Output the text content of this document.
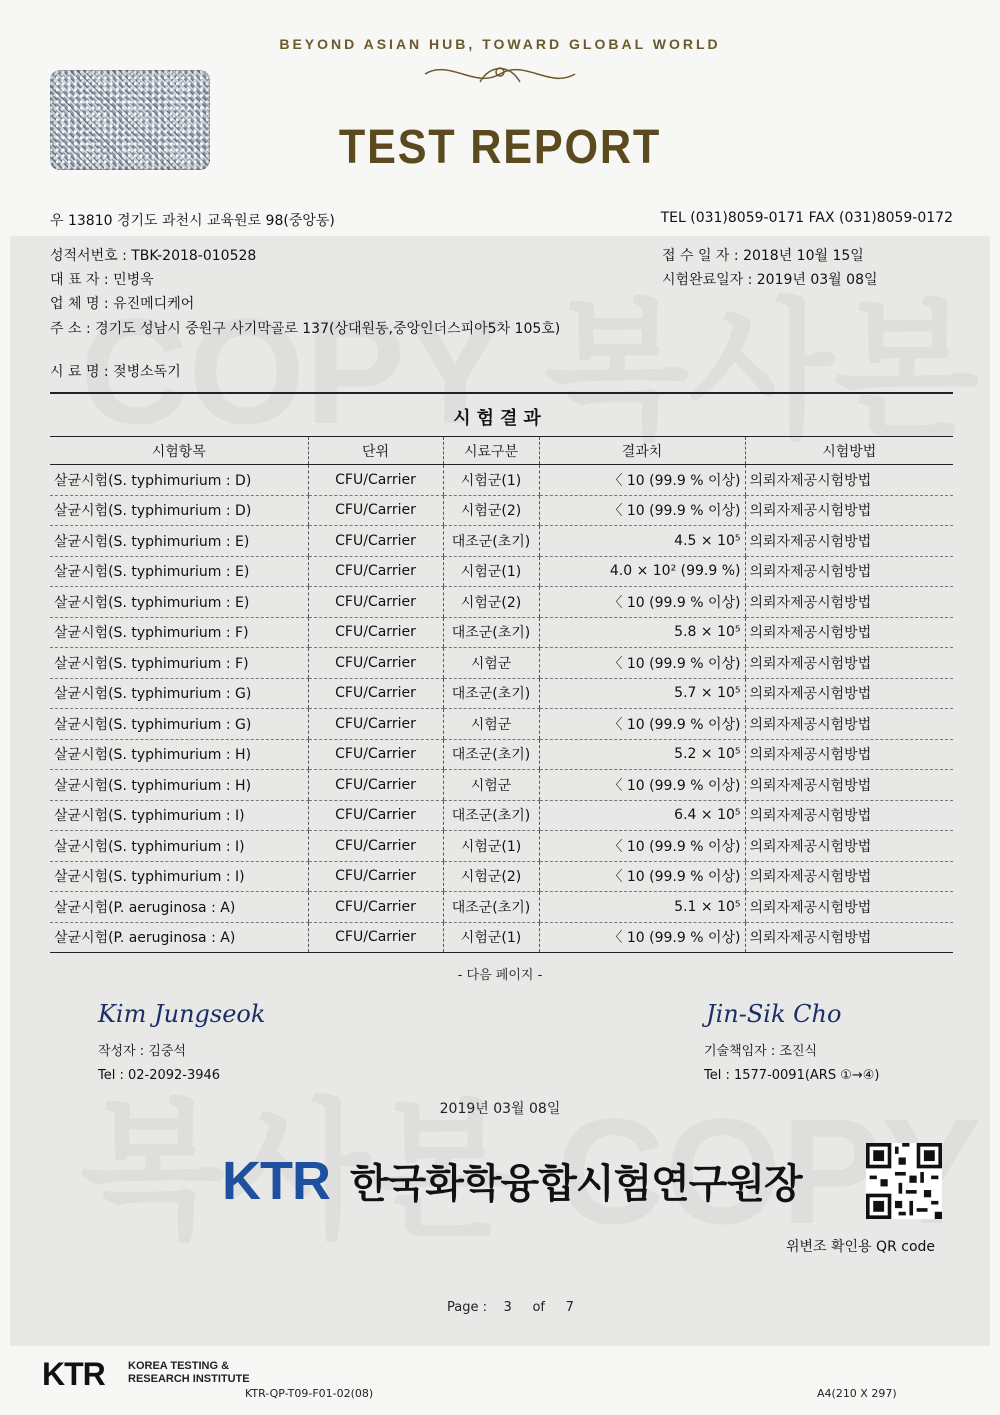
BEYOND ASIAN HUB, TOWARD GLOBAL WORLD
TEST REPORT
우 13810 경기도 과천시 교육원로 98(중앙동)	TEL (031)8059-0171 FAX (031)8059-0172
성적서번호 : TBK-2018-010528
대 표 자 : 민병욱
업 체 명 : 유진메디케어
주 소 : 경기도 성남시 중원구 사기막골로 137(상대원동,중앙인더스피아5차 105호)
시 료 명 : 젖병소독기
접 수 일 자 : 2018년 10월 15일
시험완료일자 : 2019년 03월 08일
시험결과
시험항목	단위	시료구분	결과치	시험방법
살균시험(S. typhimurium : D)	CFU/Carrier	시험군(1)	〈 10 (99.9 % 이상)	의뢰자제공시험방법
살균시험(S. typhimurium : D)	CFU/Carrier	시험군(2)	〈 10 (99.9 % 이상)	의뢰자제공시험방법
살균시험(S. typhimurium : E)	CFU/Carrier	대조군(초기)	4.5 × 10⁵	의뢰자제공시험방법
살균시험(S. typhimurium : E)	CFU/Carrier	시험군(1)	4.0 × 10² (99.9 %)	의뢰자제공시험방법
살균시험(S. typhimurium : E)	CFU/Carrier	시험군(2)	〈 10 (99.9 % 이상)	의뢰자제공시험방법
살균시험(S. typhimurium : F)	CFU/Carrier	대조군(초기)	5.8 × 10⁵	의뢰자제공시험방법
살균시험(S. typhimurium : F)	CFU/Carrier	시험군	〈 10 (99.9 % 이상)	의뢰자제공시험방법
살균시험(S. typhimurium : G)	CFU/Carrier	대조군(초기)	5.7 × 10⁵	의뢰자제공시험방법
살균시험(S. typhimurium : G)	CFU/Carrier	시험군	〈 10 (99.9 % 이상)	의뢰자제공시험방법
살균시험(S. typhimurium : H)	CFU/Carrier	대조군(초기)	5.2 × 10⁵	의뢰자제공시험방법
살균시험(S. typhimurium : H)	CFU/Carrier	시험군	〈 10 (99.9 % 이상)	의뢰자제공시험방법
살균시험(S. typhimurium : I)	CFU/Carrier	대조군(초기)	6.4 × 10⁵	의뢰자제공시험방법
살균시험(S. typhimurium : I)	CFU/Carrier	시험군(1)	〈 10 (99.9 % 이상)	의뢰자제공시험방법
살균시험(S. typhimurium : I)	CFU/Carrier	시험군(2)	〈 10 (99.9 % 이상)	의뢰자제공시험방법
살균시험(P. aeruginosa : A)	CFU/Carrier	대조군(초기)	5.1 × 10⁵	의뢰자제공시험방법
살균시험(P. aeruginosa : A)	CFU/Carrier	시험군(1)	〈 10 (99.9 % 이상)	의뢰자제공시험방법
- 다음 페이지 -
Kim Jungseok
작성자 : 김중석
Tel : 02-2092-3946
Jin-Sik Cho
기술책임자 : 조진식
Tel : 1577-0091(ARS ①→④)
2019년 03월 08일
KTR 한국화학융합시험연구원장
위변조 확인용 QR code
Page : 3 of 7
KTR KOREA TESTING &
RESEARCH INSTITUTE
KTR-QP-T09-F01-02(08)	A4(210 X 297)
